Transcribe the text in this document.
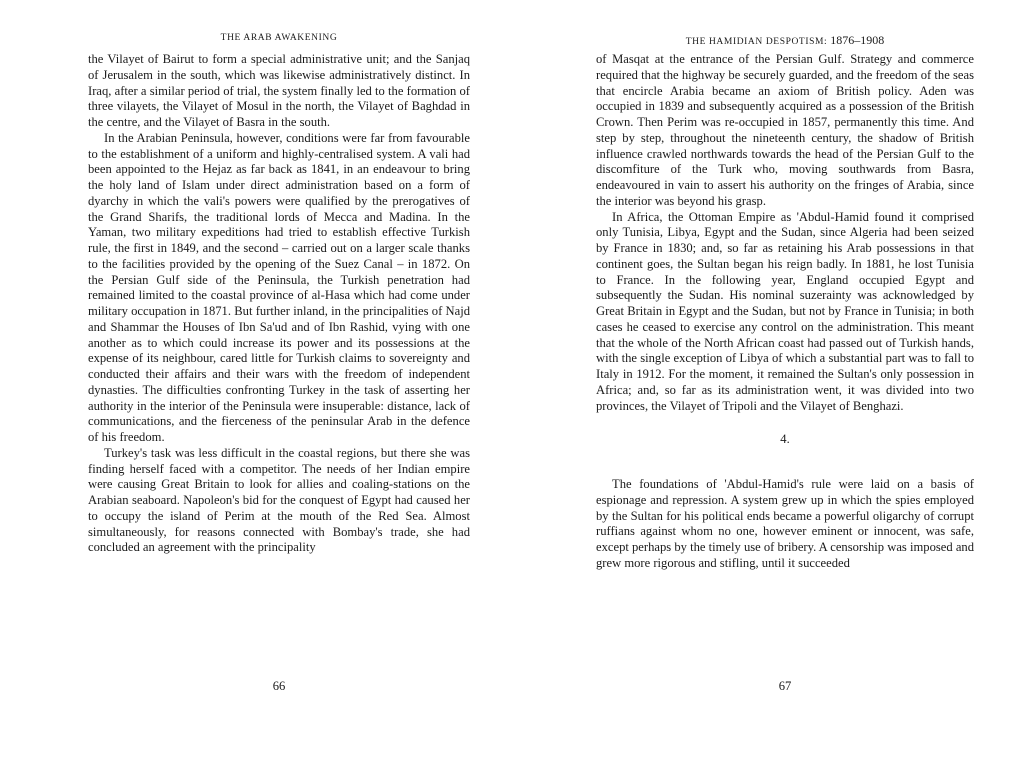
THE ARAB AWAKENING

the Vilayet of Bairut to form a special administrative unit; and the Sanjaq of Jerusalem in the south, which was likewise administratively distinct. In Iraq, after a similar period of trial, the system finally led to the formation of three vilayets, the Vilayet of Mosul in the north, the Vilayet of Baghdad in the centre, and the Vilayet of Basra in the south.

In the Arabian Peninsula, however, conditions were far from favourable to the establishment of a uniform and highly-centralised system. A vali had been appointed to the Hejaz as far back as 1841, in an endeavour to bring the holy land of Islam under direct administration based on a form of dyarchy in which the vali's powers were qualified by the prerogatives of the Grand Sharifs, the traditional lords of Mecca and Madina. In the Yaman, two military expeditions had tried to establish effective Turkish rule, the first in 1849, and the second – carried out on a larger scale thanks to the facilities provided by the opening of the Suez Canal – in 1872. On the Persian Gulf side of the Peninsula, the Turkish penetration had remained limited to the coastal province of al-Hasa which had come under military occupation in 1871. But further inland, in the principalities of Najd and Shammar the Houses of Ibn Sa'ud and of Ibn Rashid, vying with one another as to which could increase its power and its possessions at the expense of its neighbour, cared little for Turkish claims to sovereignty and conducted their affairs and their wars with the freedom of independent dynasties. The difficulties confronting Turkey in the task of asserting her authority in the interior of the Peninsula were insuperable: distance, lack of communications, and the fierceness of the peninsular Arab in the defence of his freedom.

Turkey's task was less difficult in the coastal regions, but there she was finding herself faced with a competitor. The needs of her Indian empire were causing Great Britain to look for allies and coaling-stations on the Arabian seaboard. Napoleon's bid for the conquest of Egypt had caused her to occupy the island of Perim at the mouth of the Red Sea. Almost simultaneously, for reasons connected with Bombay's trade, she had concluded an agreement with the principality

66
THE HAMIDIAN DESPOTISM: 1876–1908

of Masqat at the entrance of the Persian Gulf. Strategy and commerce required that the highway be securely guarded, and the freedom of the seas that encircle Arabia became an axiom of British policy. Aden was occupied in 1839 and subsequently acquired as a possession of the British Crown. Then Perim was re-occupied in 1857, permanently this time. And step by step, throughout the nineteenth century, the shadow of British influence crawled northwards towards the head of the Persian Gulf to the discomfiture of the Turk who, moving southwards from Basra, endeavoured in vain to assert his authority on the fringes of Arabia, since the interior was beyond his grasp.

In Africa, the Ottoman Empire as 'Abdul-Hamid found it comprised only Tunisia, Libya, Egypt and the Sudan, since Algeria had been seized by France in 1830; and, so far as retaining his Arab possessions in that continent goes, the Sultan began his reign badly. In 1881, he lost Tunisia to France. In the following year, England occupied Egypt and subsequently the Sudan. His nominal suzerainty was acknowledged by Great Britain in Egypt and the Sudan, but not by France in Tunisia; in both cases he ceased to exercise any control on the administration. This meant that the whole of the North African coast had passed out of Turkish hands, with the single exception of Libya of which a substantial part was to fall to Italy in 1912. For the moment, it remained the Sultan's only possession in Africa; and, so far as its administration went, it was divided into two provinces, the Vilayet of Tripoli and the Vilayet of Benghazi.

4.

The foundations of 'Abdul-Hamid's rule were laid on a basis of espionage and repression. A system grew up in which the spies employed by the Sultan for his political ends became a powerful oligarchy of corrupt ruffians against whom no one, however eminent or innocent, was safe, except perhaps by the timely use of bribery. A censorship was imposed and grew more rigorous and stifling, until it succeeded

67
